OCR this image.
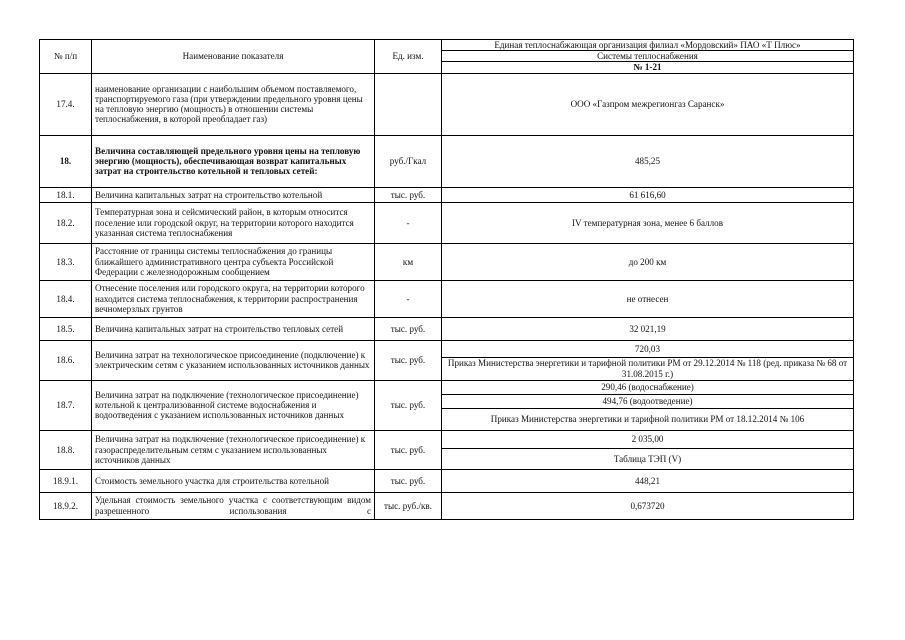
№ п/п	Наименование показателя	Ед. изм.	Единая теплоснабжающая организация филиал «Мордовский» ПАО «Т Плюс»
			Системы теплоснабжения
			№ 1-21
17.4.	наименование организации с наибольшим объемом поставляемого, транспортируемого газа (при утверждении предельного уровня цены на тепловую энергию (мощность) в отношении системы теплоснабжения, в которой преобладает газ)		ООО «Газпром межрегионгаз Саранск»
18.	Величина составляющей предельного уровня цены на тепловую энергию (мощность), обеспечивающая возврат капитальных затрат на строительство котельной и тепловых сетей:	руб./Гкал	485,25
18.1.	Величина капитальных затрат на строительство котельной	тыс. руб.	61 616,60
18.2.	Температурная зона и сейсмический район, в которым относится поселение или городской округ, на территории которого находится указанная система теплоснабжения	-	IV температурная зона, менее 6 баллов
18.3.	Расстояние от границы системы теплоснабжения до границы ближайшего административного центра субъекта Российской Федерации с железнодорожным сообщением	км	до 200 км
18.4.	Отнесение поселения или городского округа, на территории которого находится система теплоснабжения, к территории распространения вечномерзлых грунтов	-	не отнесен
18.5.	Величина капитальных затрат на строительство тепловых сетей	тыс. руб.	32 021,19
18.6.	Величина затрат на технологическое присоединение (подключение) к электрическим сетям с указанием использованных источников данных	тыс. руб.	720,03
			Приказ Министерства энергетики и тарифной политики РМ от 29.12.2014 № 118 (ред. приказа № 68 от 31.08.2015 г.)
18.7.	Величина затрат на подключение (технологическое присоединение) котельной к централизованной системе водоснабжения и водоотведения с указанием использованных источников данных	тыс. руб.	290,46 (водоснабжение)
			494,76 (водоотведение)
			Приказ Министерства энергетики и тарифной политики РМ от 18.12.2014 № 106
18.8.	Величина затрат на подключение (технологическое присоединение) к газораспределительным сетям с указанием использованных источников данных	тыс. руб.	2 035,00
			Таблица ТЭП (V)
18.9.1.	Стоимость земельного участка для строительства котельной	тыс. руб.	448,21
18.9.2.	Удельная стоимость земельного участка с соответствующим видом разрешенного использования с	тыс. руб./кв.	0,673720
